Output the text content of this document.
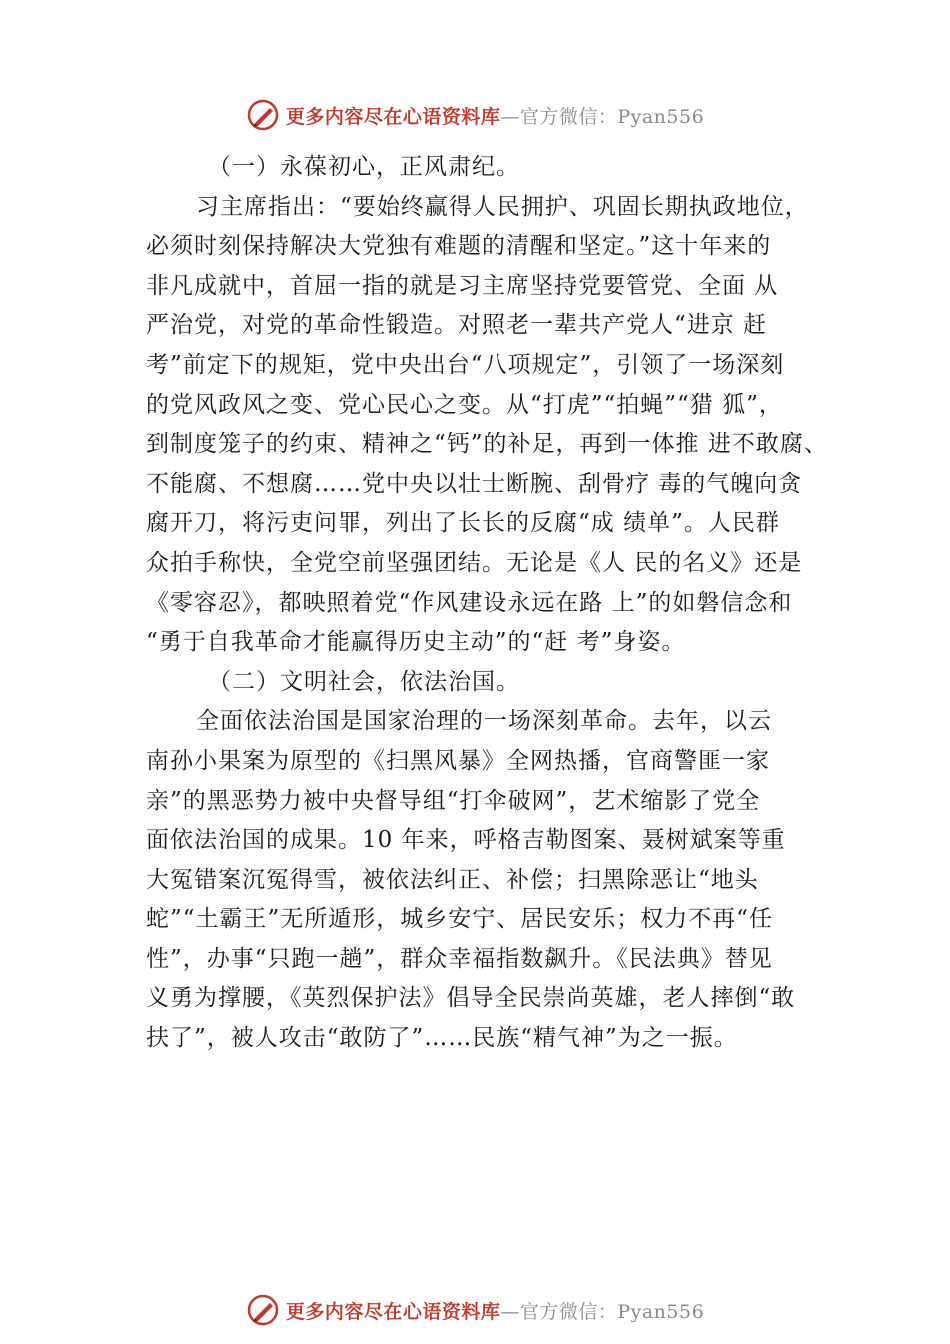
更多内容尽在心语资料库 —官方微信：Pyan556
（一）永葆初心，正风肃纪。
习主席指出：“要始终赢得人民拥护、巩固长期执政地位，
必须时刻保持解决大党独有难题的清醒和坚定。”这十年来的
非凡成就中，首屈一指的就是习主席坚持党要管党、全面 从
严治党，对党的革命性锻造。对照老一辈共产党人“进京 赶
考”前定下的规矩，党中央出台“八项规定”，引领了一场深刻
的党风政风之变、党心民心之变。从“打虎”“拍蝇”“猎 狐”，
到制度笼子的约束、精神之“钙”的补足，再到一体推 进不敢腐、
不能腐、不想腐……党中央以壮士断腕、刮骨疗 毒的气魄向贪
腐开刀，将污吏问罪，列出了长长的反腐“成 绩单”。人民群
众拍手称快，全党空前坚强团结。无论是《人 民的名义》还是
《零容忍》，都映照着党“作风建设永远在路 上”的如磐信念和
“勇于自我革命才能赢得历史主动”的“赶 考”身姿。
（二）文明社会，依法治国。
全面依法治国是国家治理的一场深刻革命。去年，以云
南孙小果案为原型的《扫黑风暴》全网热播，官商警匪一家
亲”的黑恶势力被中央督导组“打伞破网”，艺术缩影了党全
面依法治国的成果。10 年来，呼格吉勒图案、聂树斌案等重
大冤错案沉冤得雪，被依法纠正、补偿；扫黑除恶让“地头
蛇”“土霸王”无所遁形，城乡安宁、居民安乐；权力不再“任
性”，办事“只跑一趟”，群众幸福指数飙升。《民法典》替见
义勇为撑腰，《英烈保护法》倡导全民崇尚英雄，老人摔倒“敢
扶了”，被人攻击“敢防了”……民族“精气神”为之一振。
更多内容尽在心语资料库 —官方微信：Pyan556
